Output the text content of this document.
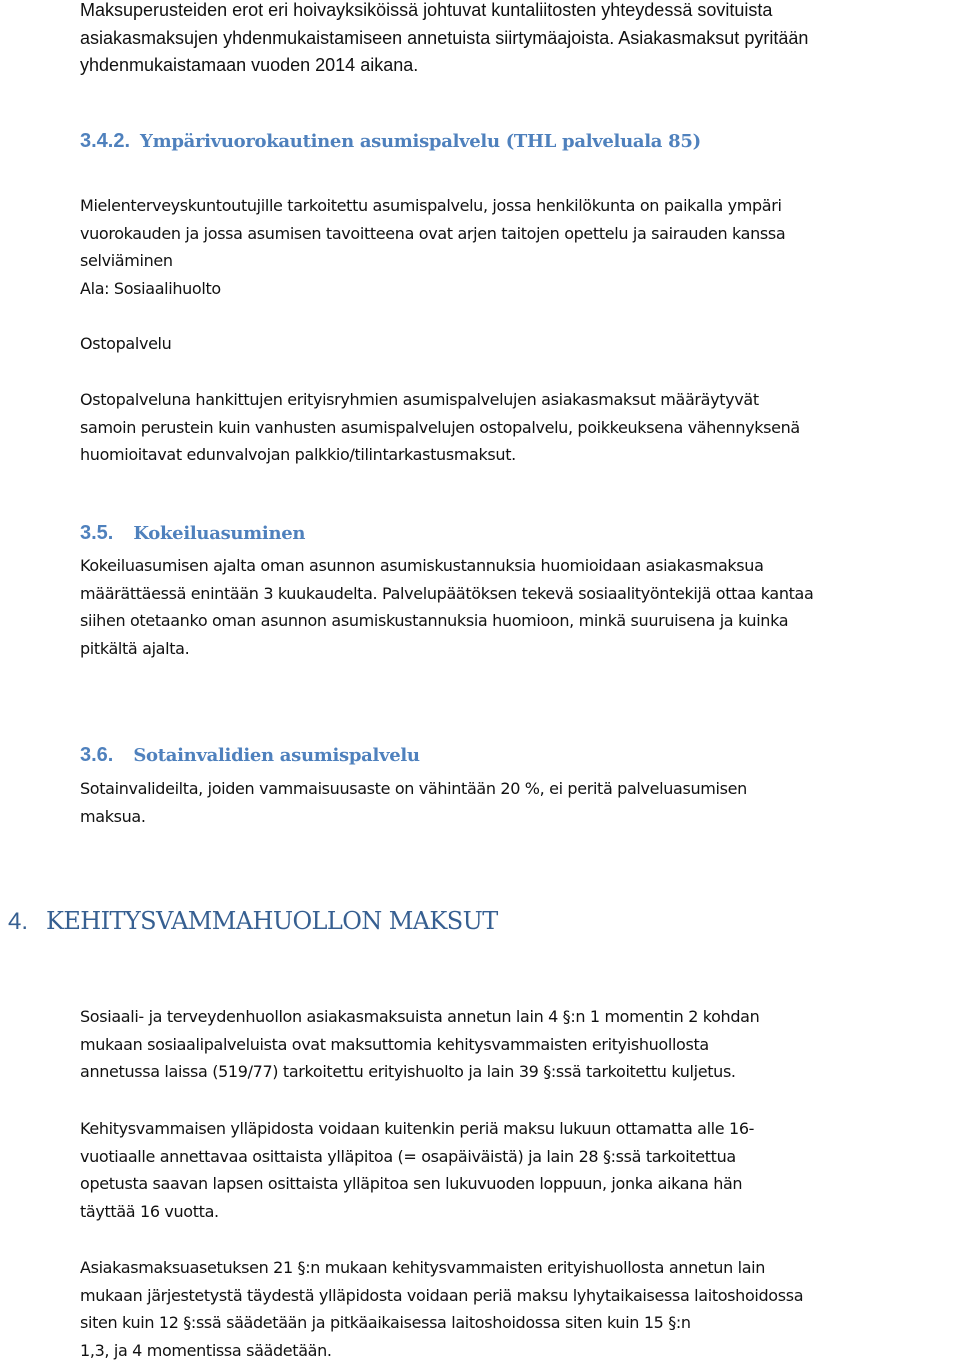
Maksuperusteiden erot eri hoivayksiköissä johtuvat kuntaliitosten yhteydessä sovituista
asiakasmaksujen yhdenmukaistamiseen annetuista siirtymäajoista. Asiakasmaksut pyritään
yhdenmukaistamaan vuoden 2014 aikana.
3.4.2. Ympärivuorokautinen asumispalvelu (THL palveluala 85)
Mielenterveyskuntoutujille tarkoitettu asumispalvelu, jossa henkilökunta on paikalla ympäri
vuorokauden ja jossa asumisen tavoitteena ovat arjen taitojen opettelu ja sairauden kanssa
selviäminen
Ala: Sosiaalihuolto
Ostopalvelu
Ostopalveluna hankittujen erityisryhmien asumispalvelujen asiakasmaksut määräytyvät
samoin perustein kuin vanhusten asumispalvelujen ostopalvelu, poikkeuksena vähennyksenä
huomioitavat edunvalvojan palkkio/tilintarkastusmaksut.
3.5. Kokeiluasuminen
Kokeiluasumisen ajalta oman asunnon asumiskustannuksia huomioidaan asiakasmaksua
määrättäessä enintään 3 kuukaudelta. Palvelupäätöksen tekevä sosiaalityöntekijä ottaa kantaa
siihen otetaanko oman asunnon asumiskustannuksia huomioon, minkä suuruisena ja kuinka
pitkältä ajalta.
3.6. Sotainvalidien asumispalvelu
Sotainvalideilta, joiden vammaisuusaste on vähintään 20 %, ei peritä palveluasumisen
maksua.
4. KEHITYSVAMMAHUOLLON MAKSUT
Sosiaali- ja terveydenhuollon asiakasmaksuista annetun lain 4 §:n 1 momentin 2 kohdan
mukaan sosiaalipalveluista ovat maksuttomia kehitysvammaisten erityishuollosta
annetussa laissa (519/77) tarkoitettu erityishuolto ja lain 39 §:ssä tarkoitettu kuljetus.
Kehitysvammaisen ylläpidosta voidaan kuitenkin periä maksu lukuun ottamatta alle 16-
vuotiaalle annettavaa osittaista ylläpitoa (= osapäiväistä) ja lain 28 §:ssä tarkoitettua
opetusta saavan lapsen osittaista ylläpitoa sen lukuvuoden loppuun, jonka aikana hän
täyttää 16 vuotta.
Asiakasmaksuasetuksen 21 §:n mukaan kehitysvammaisten erityishuollosta annetun lain
mukaan järjestetystä täydestä ylläpidosta voidaan periä maksu lyhytaikaisessa laitoshoidossa
siten kuin 12 §:ssä säädetään ja pitkäaikaisessa laitoshoidossa siten kuin 15 §:n
1,3, ja 4 momentissa säädetään.
